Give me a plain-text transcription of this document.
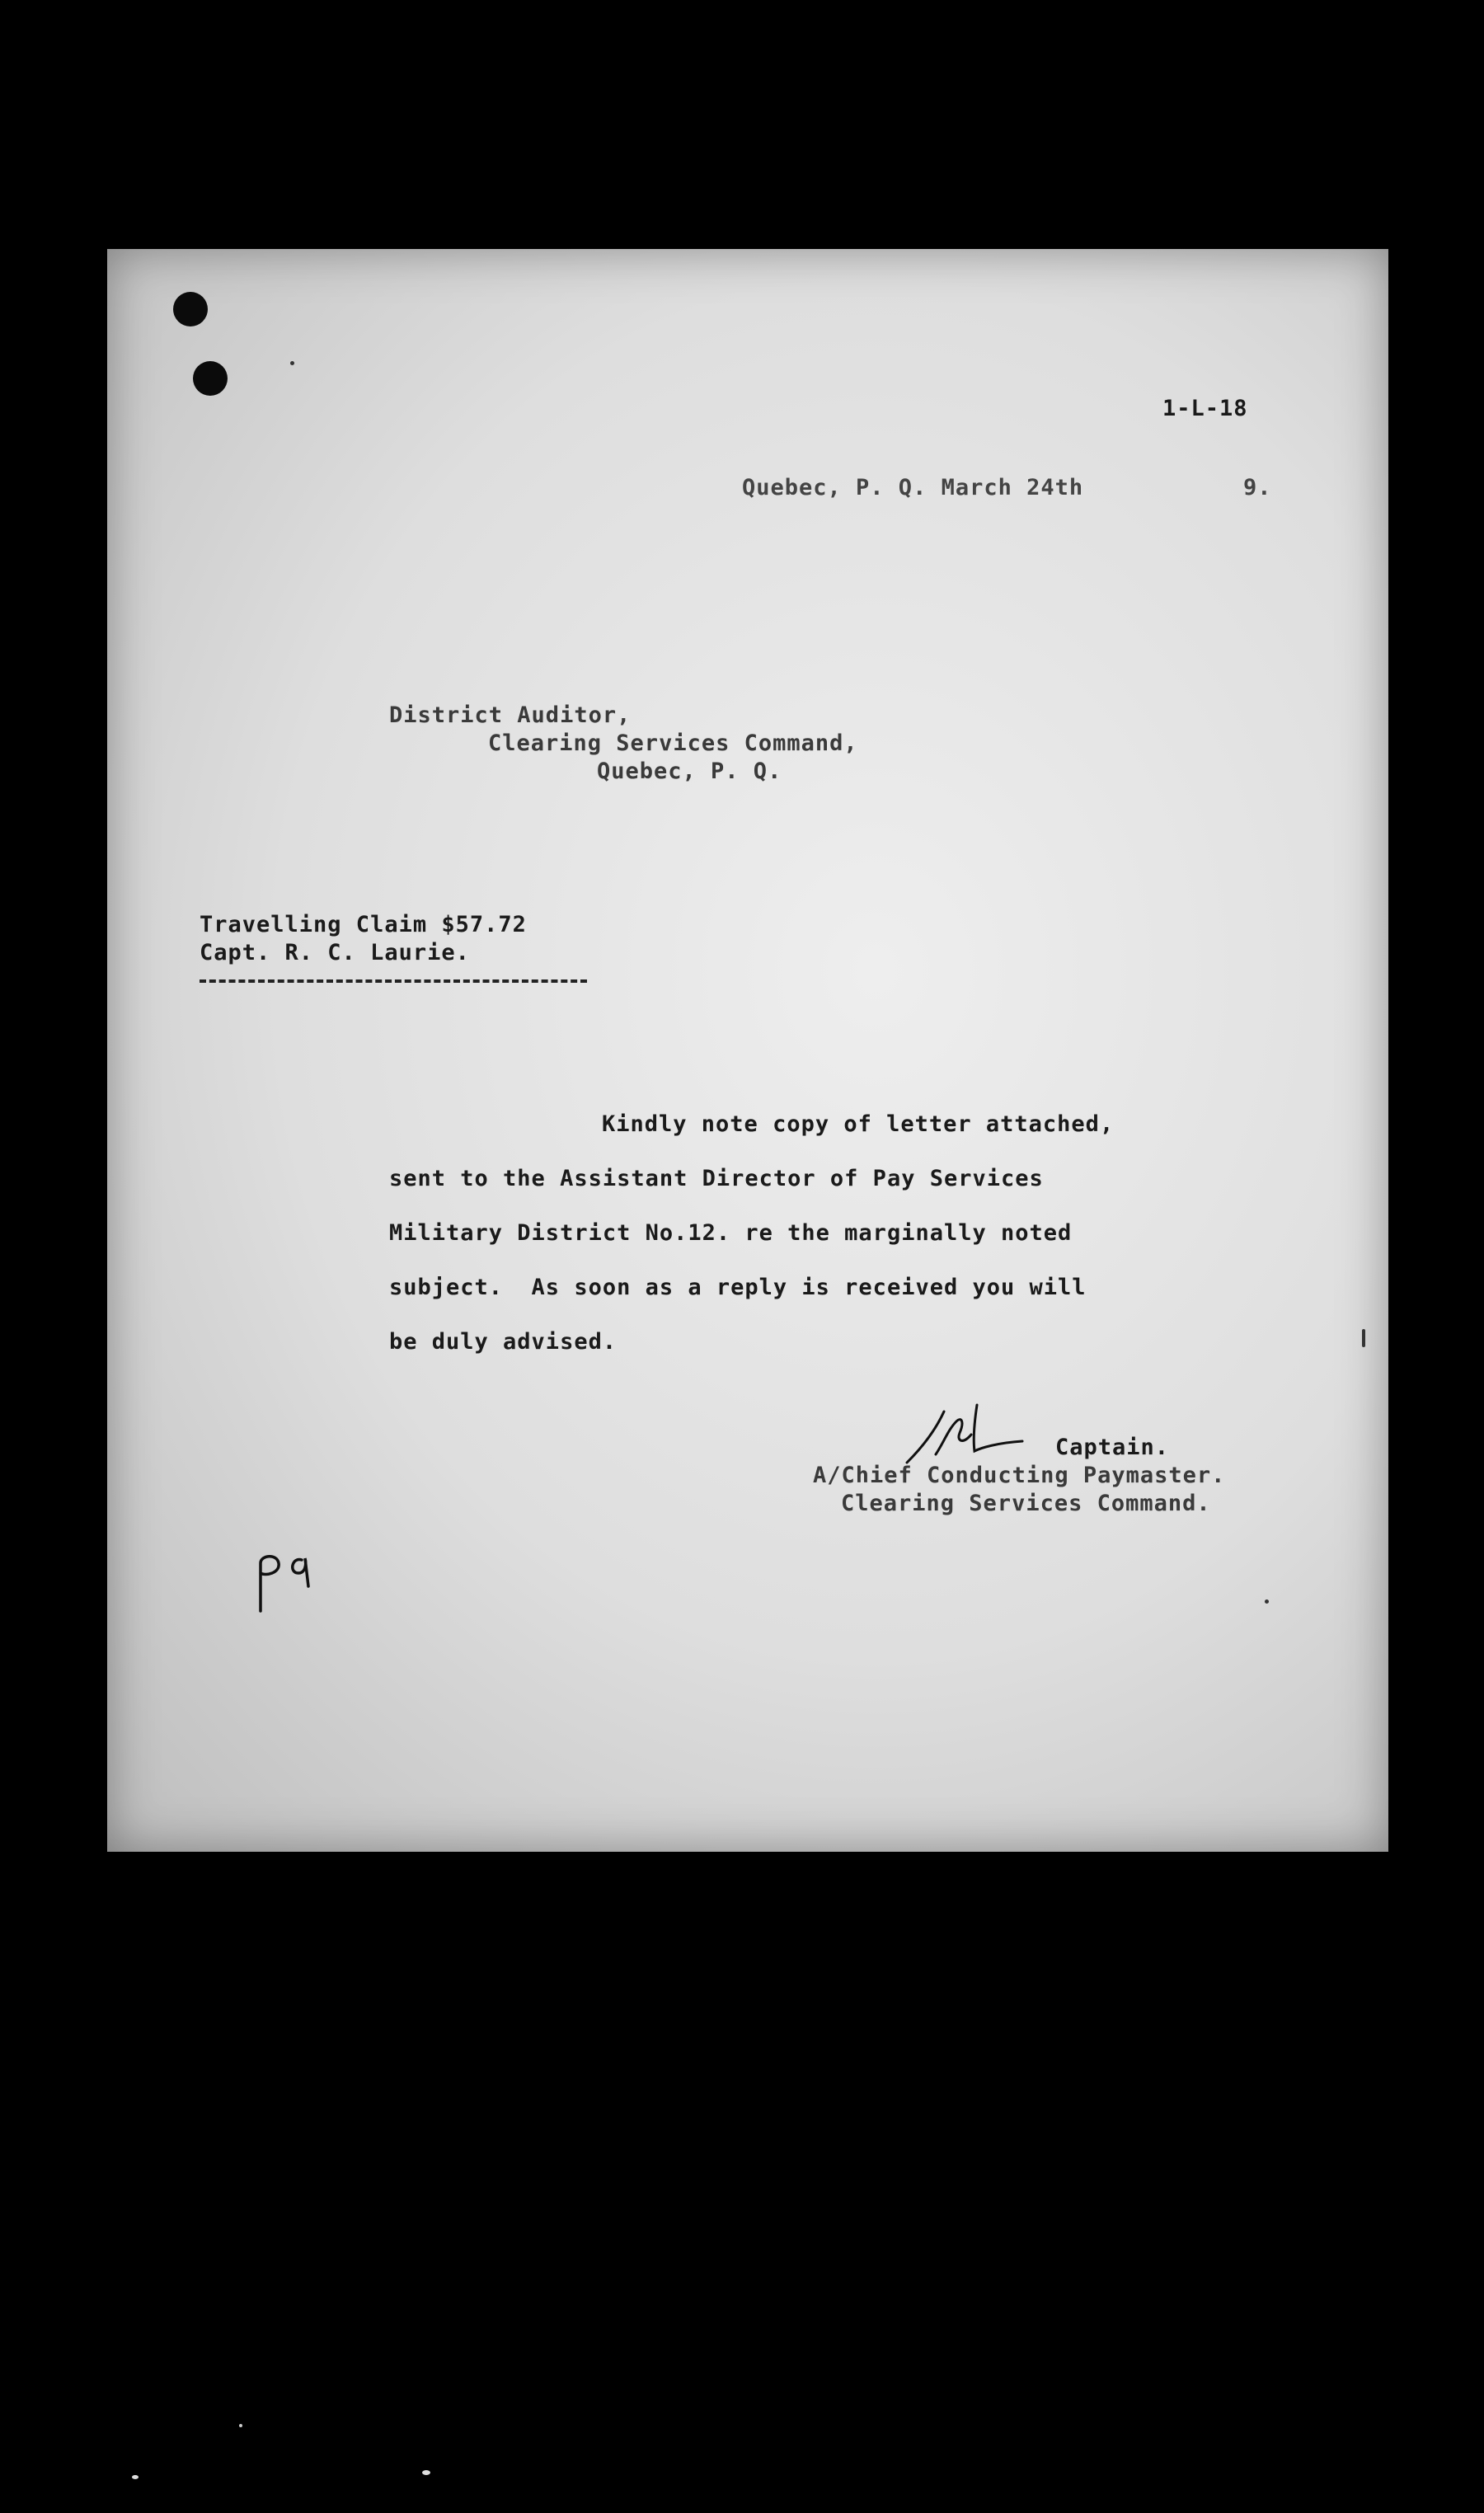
1-L-18
Quebec, P. Q. March 24th	9.
District Auditor,
Clearing Services Command,
Quebec, P. Q.
Travelling Claim $57.72
Capt. R. C. Laurie.
Kindly note copy of letter attached,
sent to the Assistant Director of Pay Services
Military District No.12. re the marginally noted
subject.  As soon as a reply is received you will
be duly advised.
Captain.
A/Chief Conducting Paymaster.
Clearing Services Command.
